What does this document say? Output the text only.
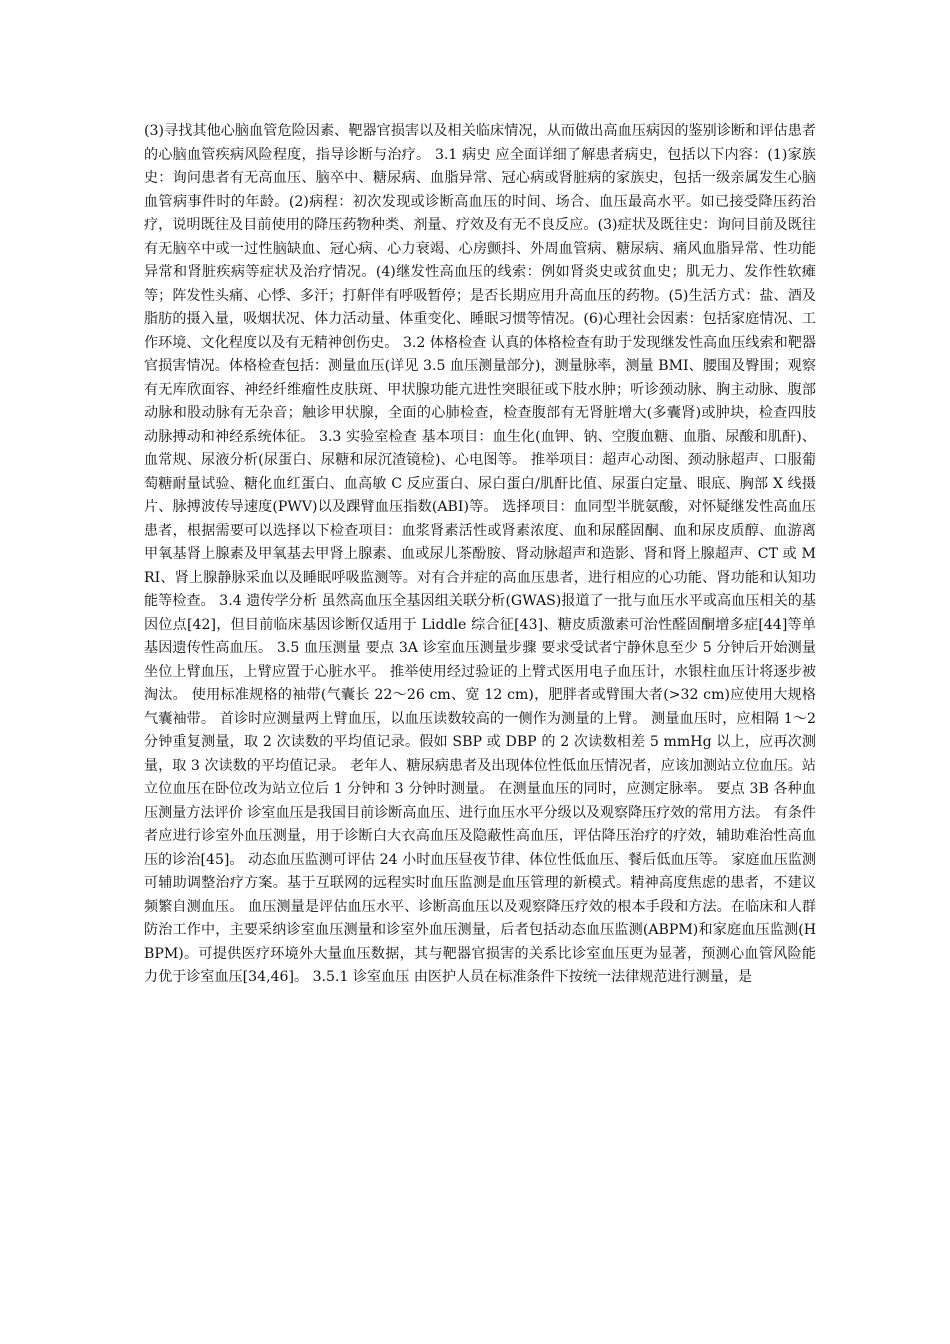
(3)寻找其他心脑血管危险因素、靶器官损害以及相关临床情况，从而做出高血压病因的鉴别诊断和评估患者的心脑血管疾病风险程度，指导诊断与治疗。 3.1 病史 应全面详细了解患者病史，包括以下内容：(1)家族史：询问患者有无高血压、脑卒中、糖尿病、血脂异常、冠心病或肾脏病的家族史，包括一级亲属发生心脑血管病事件时的年龄。(2)病程：初次发现或诊断高血压的时间、场合、血压最高水平。如已接受降压药治疗，说明既往及目前使用的降压药物种类、剂量、疗效及有无不良反应。(3)症状及既往史：询问目前及既往有无脑卒中或一过性脑缺血、冠心病、心力衰竭、心房颤抖、外周血管病、糖尿病、痛风血脂异常、性功能异常和肾脏疾病等症状及治疗情况。(4)继发性高血压的线索：例如肾炎史或贫血史；肌无力、发作性软瘫等；阵发性头痛、心悸、多汗；打鼾伴有呼吸暂停；是否长期应用升高血压的药物。(5)生活方式：盐、酒及脂肪的摄入量，吸烟状况、体力活动量、体重变化、睡眠习惯等情况。(6)心理社会因素：包括家庭情况、工作环境、文化程度以及有无精神创伤史。 3.2 体格检查 认真的体格检查有助于发现继发性高血压线索和靶器官损害情况。体格检查包括：测量血压(详见 3.5 血压测量部分)，测量脉率，测量 BMI、腰围及臀围；观察有无库欣面容、神经纤维瘤性皮肤斑、甲状腺功能亢进性突眼征或下肢水肿；听诊颈动脉、胸主动脉、腹部动脉和股动脉有无杂音；触诊甲状腺，全面的心肺检查，检查腹部有无肾脏增大(多囊肾)或肿块，检查四肢动脉搏动和神经系统体征。 3.3 实验室检查 基本项目：血生化(血钾、钠、空腹血糖、血脂、尿酸和肌酐)、血常规、尿液分析(尿蛋白、尿糖和尿沉渣镜检)、心电图等。 推举项目：超声心动图、颈动脉超声、口服葡萄糖耐量试验、糖化血红蛋白、血高敏 C 反应蛋白、尿白蛋白/肌酐比值、尿蛋白定量、眼底、胸部 X 线摄片、脉搏波传导速度(PWV)以及踝臂血压指数(ABI)等。 选择项目：血同型半胱氨酸，对怀疑继发性高血压患者，根据需要可以选择以下检查项目：血浆肾素活性或肾素浓度、血和尿醛固酮、血和尿皮质醇、血游离甲氧基肾上腺素及甲氧基去甲肾上腺素、血或尿儿茶酚胺、肾动脉超声和造影、肾和肾上腺超声、CT 或 MRI、肾上腺静脉采血以及睡眠呼吸监测等。对有合并症的高血压患者，进行相应的心功能、肾功能和认知功能等检查。 3.4 遗传学分析 虽然高血压全基因组关联分析(GWAS)报道了一批与血压水平或高血压相关的基因位点[42]，但目前临床基因诊断仅适用于 Liddle 综合征[43]、糖皮质激素可治性醛固酮增多症[44]等单基因遗传性高血压。 3.5 血压测量 要点 3A 诊室血压测量步骤 要求受试者宁静休息至少 5 分钟后开始测量坐位上臂血压，上臂应置于心脏水平。 推举使用经过验证的上臂式医用电子血压计，水银柱血压计将逐步被淘汰。 使用标准规格的袖带(气囊长 22～26 cm、宽 12 cm)，肥胖者或臂围大者(>32 cm)应使用大规格气囊袖带。 首诊时应测量两上臂血压，以血压读数较高的一侧作为测量的上臂。 测量血压时，应相隔 1～2 分钟重复测量，取 2 次读数的平均值记录。假如 SBP 或 DBP 的 2 次读数相差 5 mmHg 以上，应再次测量，取 3 次读数的平均值记录。 老年人、糖尿病患者及出现体位性低血压情况者，应该加测站立位血压。站立位血压在卧位改为站立位后 1 分钟和 3 分钟时测量。 在测量血压的同时，应测定脉率。 要点 3B 各种血压测量方法评价 诊室血压是我国目前诊断高血压、进行血压水平分级以及观察降压疗效的常用方法。 有条件者应进行诊室外血压测量，用于诊断白大衣高血压及隐蔽性高血压，评估降压治疗的疗效，辅助难治性高血压的诊治[45]。 动态血压监测可评估 24 小时血压昼夜节律、体位性低血压、餐后低血压等。 家庭血压监测可辅助调整治疗方案。基于互联网的远程实时血压监测是血压管理的新模式。精神高度焦虑的患者，不建议频繁自测血压。 血压测量是评估血压水平、诊断高血压以及观察降压疗效的根本手段和方法。在临床和人群防治工作中，主要采纳诊室血压测量和诊室外血压测量，后者包括动态血压监测(ABPM)和家庭血压监测(HBPM)。可提供医疗环境外大量血压数据，其与靶器官损害的关系比诊室血压更为显著，预测心血管风险能力优于诊室血压[34,46]。 3.5.1 诊室血压 由医护人员在标准条件下按统一法律规范进行测量，是
